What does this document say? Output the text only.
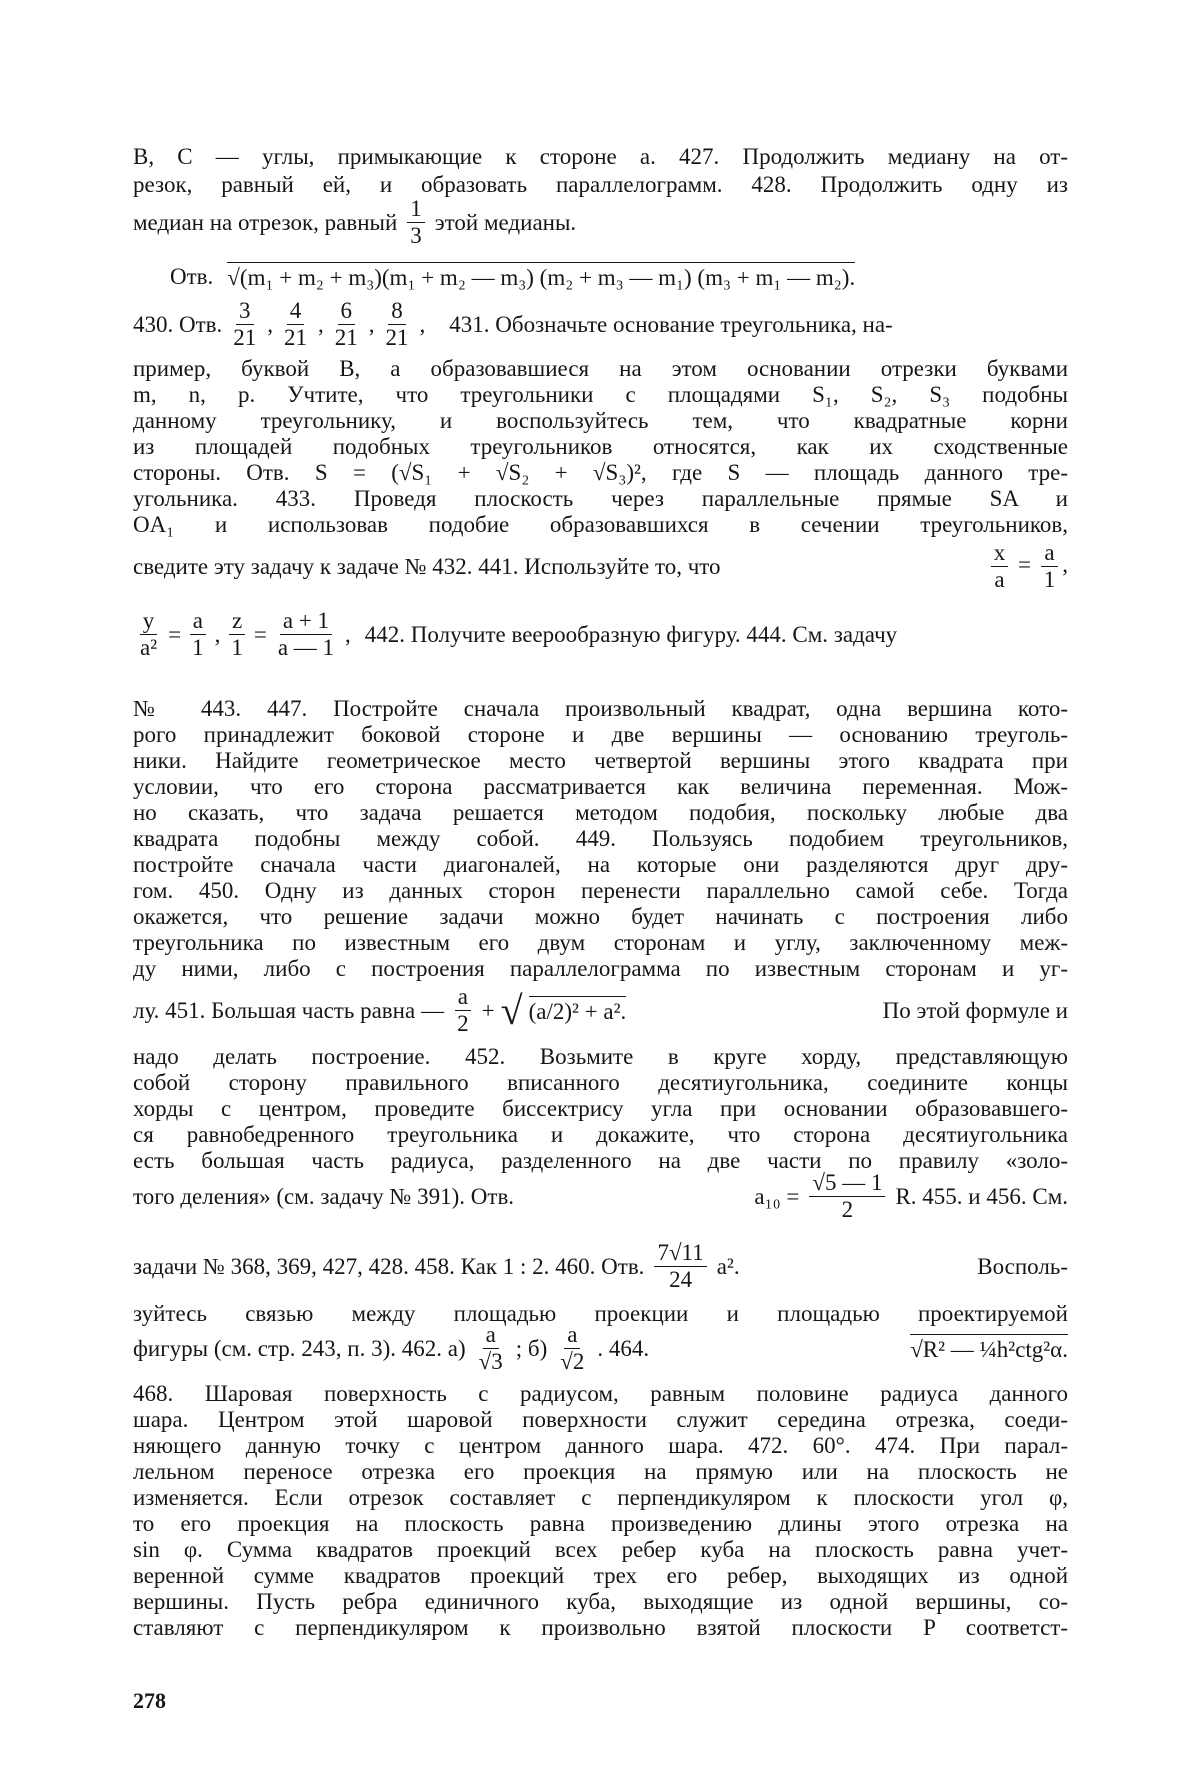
B, C — углы, примыкающие к стороне a. 427. Продолжить медиану на от-
резок, равный ей, и образовать параллелограмм. 428. Продолжить одну из
медиан на отрезок, равный $\frac{1}{3}$ этой медианы.
Отв. √(m₁ + m₂ + m₃)(m₁ + m₂ — m₃) (m₂ + m₃ — m₁) (m₃ + m₁ — m₂).
430. Отв. $\frac{3}{21}$ , $\frac{4}{21}$ , $\frac{6}{21}$ , $\frac{8}{21}$ , 431. Обозначьте основание треугольника, на-
пример, буквой B, а образовавшиеся на этом основании отрезки буквами
m, n, p. Учтите, что треугольники с площадями S₁, S₂, S₃ подобны
данному треугольнику, и воспользуйтесь тем, что квадратные корни
из площадей подобных треугольников относятся, как их сходственные
стороны. Отв. S = (√S₁ + √S₂ + √S₃)², где S — площадь данного тре-
угольника. 433. Проведя плоскость через параллельные прямые SA и
OA₁ и использовав подобие образовавшихся в сечении треугольников,
сведите эту задачу к задаче № 432. 441. Используйте то, что	$\frac{x}{a} = \frac{a}{1}$ ,
$\frac{y}{\text{a²}} = \frac{a}{1}$ , $\frac{z}{1} = \frac{a + 1}{a — 1}$ , 442. Получите веерообразную фигуру. 444. См. задачу
№ 443. 447. Постройте сначала произвольный квадрат, одна вершина кото-
рого принадлежит боковой стороне и две вершины — основанию треуголь-
ники. Найдите геометрическое место четвертой вершины этого квадрата при
условии, что его сторона рассматривается как величина переменная. Мож-
но сказать, что задача решается методом подобия, поскольку любые два
квадрата подобны между собой. 449. Пользуясь подобием треугольников,
постройте сначала части диагоналей, на которые они разделяются друг дру-
гом. 450. Одну из данных сторон перенести параллельно самой себе. Тогда
окажется, что решение задачи можно будет начинать с построения либо
треугольника по известным его двум сторонам и углу, заключенному меж-
ду ними, либо с построения параллелограмма по известным сторонам и уг-
лу. 451. Большая часть равна — $\frac{a}{2}$ + √ (a/2)² + a².	По этой формуле и
надо делать построение. 452. Возьмите в круге хорду, представляющую
собой сторону правильного вписанного десятиугольника, соедините концы
хорды с центром, проведите биссектрису угла при основании образовавшего-
ся равнобедренного треугольника и докажите, что сторона десятиугольника
есть большая часть радиуса, разделенного на две части по правилу «золо-
того деления» (см. задачу № 391). Отв.	$a_{10} = \frac{√5 — 1}{2} R$. 455. и 456. См.
задачи № 368, 369, 427, 428. 458. Как 1 : 2. 460. Отв. $\frac{7√11}{24} a^2$.	Восполь-
зуйтесь связью между площадью проекции и площадью проектируемой
фигуры (см. стр. 243, п. 3). 462. $а) \frac{a}{√3}$ ; $б) \frac{a}{√2}$ . 464.	√R² — ¼h²ctg²α.
468. Шаровая поверхность с радиусом, равным половине радиуса данного
шара. Центром этой шаровой поверхности служит середина отрезка, соеди-
няющего данную точку с центром данного шара. 472. 60°. 474. При парал-
лельном переносе отрезка его проекция на прямую или на плоскость не
изменяется. Если отрезок составляет с перпендикуляром к плоскости угол φ,
то его проекция на плоскость равна произведению длины этого отрезка на
sin φ. Сумма квадратов проекций всех ребер куба на плоскость равна учет-
веренной сумме квадратов проекций трех его ребер, выходящих из одной
вершины. Пусть ребра единичного куба, выходящие из одной вершины, со-
ставляют с перпендикуляром к произвольно взятой плоскости P соответст-
278
